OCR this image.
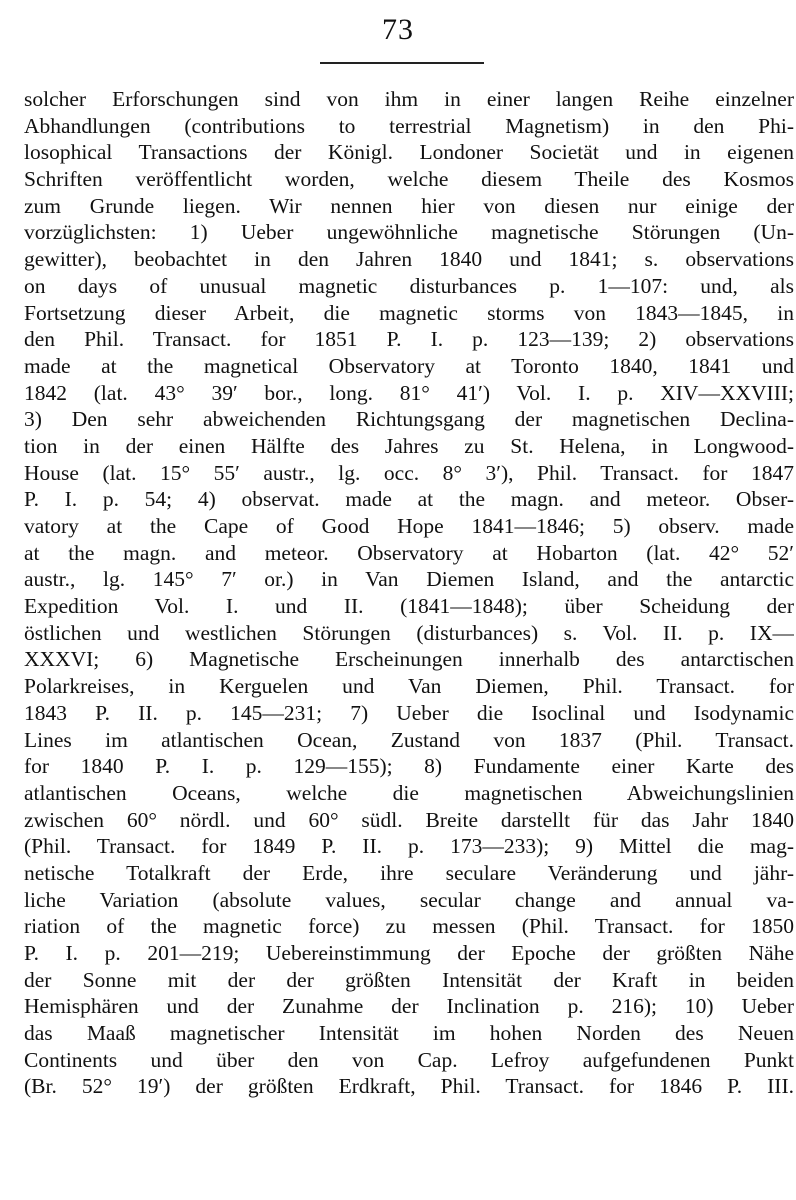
73
solcher Erforschungen sind von ihm in einer langen Reihe einzelner
Abhandlungen (contributions to terrestrial Magnetism) in den Phi-
losophical Transactions der Königl. Londoner Societät und in eigenen
Schriften veröffentlicht worden, welche diesem Theile des Kosmos
zum Grunde liegen. Wir nennen hier von diesen nur einige der
vorzüglichsten: 1) Ueber ungewöhnliche magnetische Störungen (Un-
gewitter), beobachtet in den Jahren 1840 und 1841; s. observations
on days of unusual magnetic disturbances p. 1—107: und, als
Fortsetzung dieser Arbeit, die magnetic storms von 1843—1845, in
den Phil. Transact. for 1851 P. I. p. 123—139; 2) observations
made at the magnetical Observatory at Toronto 1840, 1841 und
1842 (lat. 43° 39′ bor., long. 81° 41′) Vol. I. p. XIV—XXVIII;
3) Den sehr abweichenden Richtungsgang der magnetischen Declina-
tion in der einen Hälfte des Jahres zu St. Helena, in Longwood-
House (lat. 15° 55′ austr., lg. occ. 8° 3′), Phil. Transact. for 1847
P. I. p. 54; 4) observat. made at the magn. and meteor. Obser-
vatory at the Cape of Good Hope 1841—1846; 5) observ. made
at the magn. and meteor. Observatory at Hobarton (lat. 42° 52′
austr., lg. 145° 7′ or.) in Van Diemen Island, and the antarctic
Expedition Vol. I. und II. (1841—1848); über Scheidung der
östlichen und westlichen Störungen (disturbances) s. Vol. II. p. IX—
XXXVI; 6) Magnetische Erscheinungen innerhalb des antarctischen
Polarkreises, in Kerguelen und Van Diemen, Phil. Transact. for
1843 P. II. p. 145—231; 7) Ueber die Isoclinal und Isodynamic
Lines im atlantischen Ocean, Zustand von 1837 (Phil. Transact.
for 1840 P. I. p. 129—155); 8) Fundamente einer Karte des
atlantischen Oceans, welche die magnetischen Abweichungslinien
zwischen 60° nördl. und 60° südl. Breite darstellt für das Jahr 1840
(Phil. Transact. for 1849 P. II. p. 173—233); 9) Mittel die mag-
netische Totalkraft der Erde, ihre seculare Veränderung und jähr-
liche Variation (absolute values, secular change and annual va-
riation of the magnetic force) zu messen (Phil. Transact. for 1850
P. I. p. 201—219; Uebereinstimmung der Epoche der größten Nähe
der Sonne mit der der größten Intensität der Kraft in beiden
Hemisphären und der Zunahme der Inclination p. 216); 10) Ueber
das Maaß magnetischer Intensität im hohen Norden des Neuen
Continents und über den von Cap. Lefroy aufgefundenen Punkt
(Br. 52° 19′) der größten Erdkraft, Phil. Transact. for 1846 P. III.
